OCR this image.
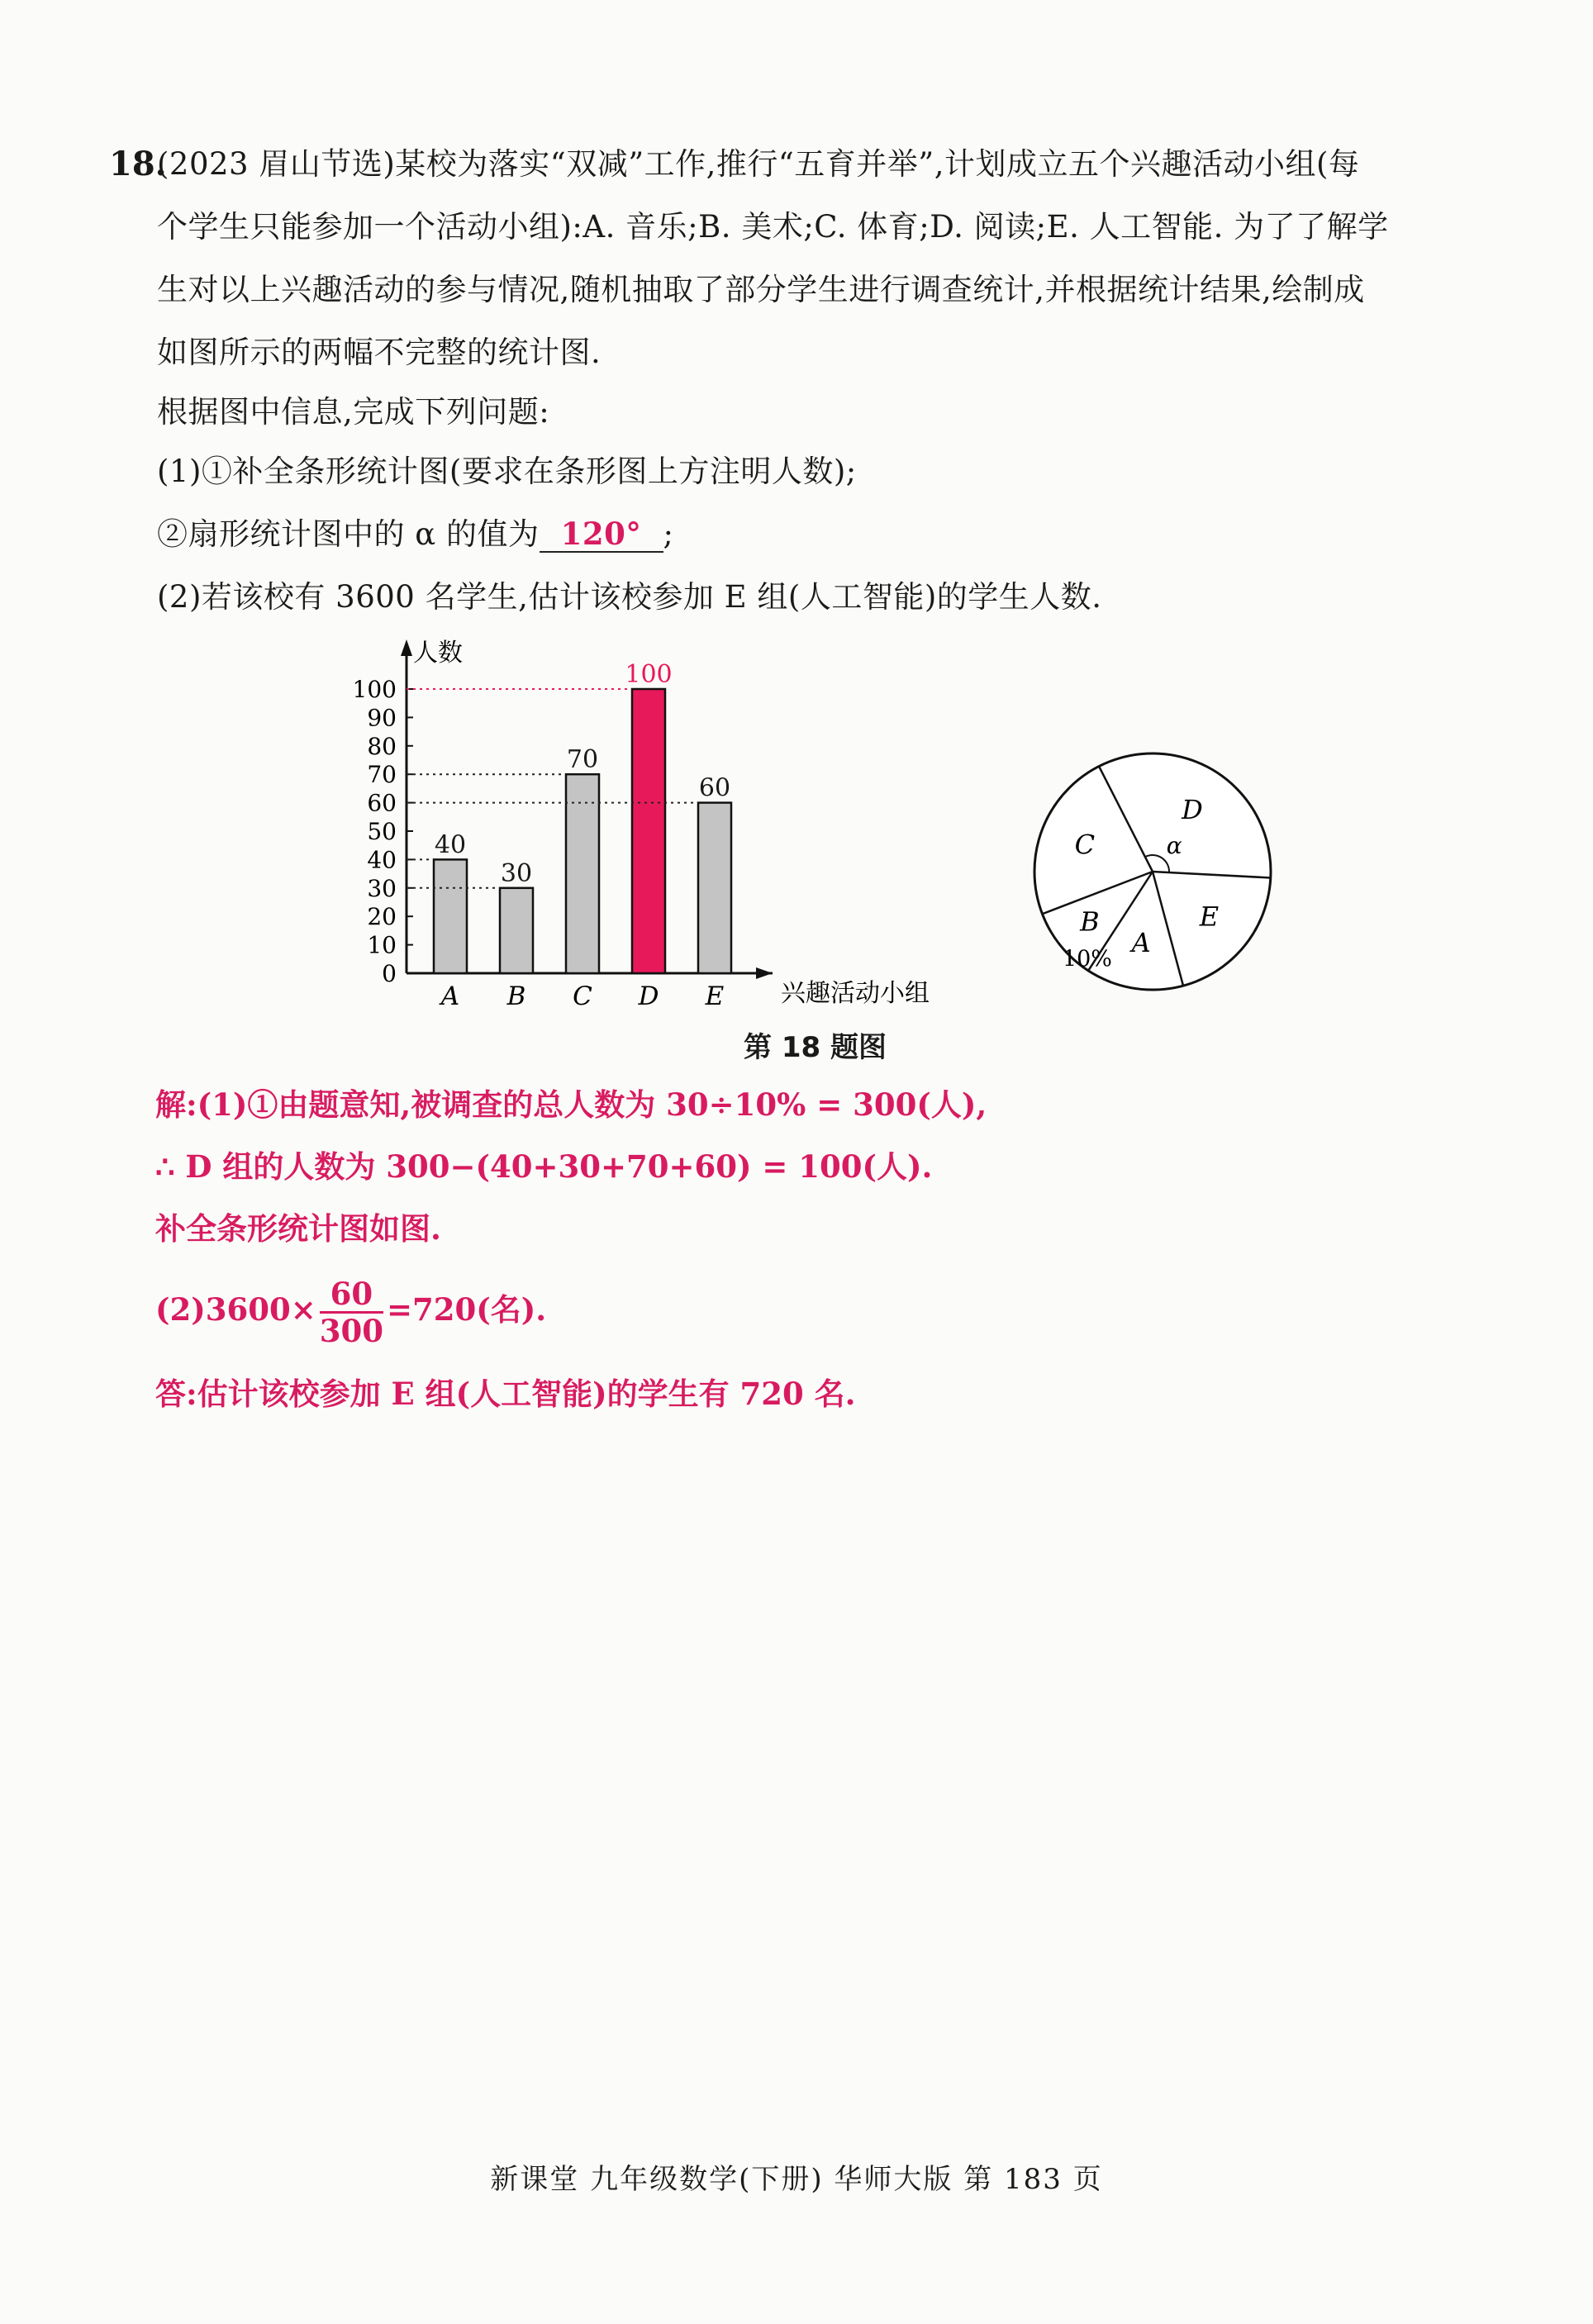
18.
(2023 眉山节选)某校为落实“双减”工作,推行“五育并举”,计划成立五个兴趣活动小组(每
个学生只能参加一个活动小组):A. 音乐;B. 美术;C. 体育;D. 阅读;E. 人工智能. 为了了解学
生对以上兴趣活动的参与情况,随机抽取了部分学生进行调查统计,并根据统计结果,绘制成
如图所示的两幅不完整的统计图.
根据图中信息,完成下列问题:
(1)①补全条形统计图(要求在条形图上方注明人数);
②扇形统计图中的 α 的值为 120° ;
(2)若该校有 3600 名学生,估计该校参加 E 组(人工智能)的学生人数.
0
10
20
30
40
50
60
70
80
90
100
40
A
30
B
70
C
100
D
60
E
人数
兴趣活动小组
D
E
A
B
10%
C	α
第 18 题图
解:(1)①由题意知,被调查的总人数为 30÷10% = 300(人),
∴ D 组的人数为 300−(40+30+70+60) = 100(人).
补全条形统计图如图.
$(2)3600\times \frac{60}{300} =720$(名).
答:估计该校参加 E 组(人工智能)的学生有 720 名.
新课堂 九年级数学(下册) 华师大版 第 183 页
